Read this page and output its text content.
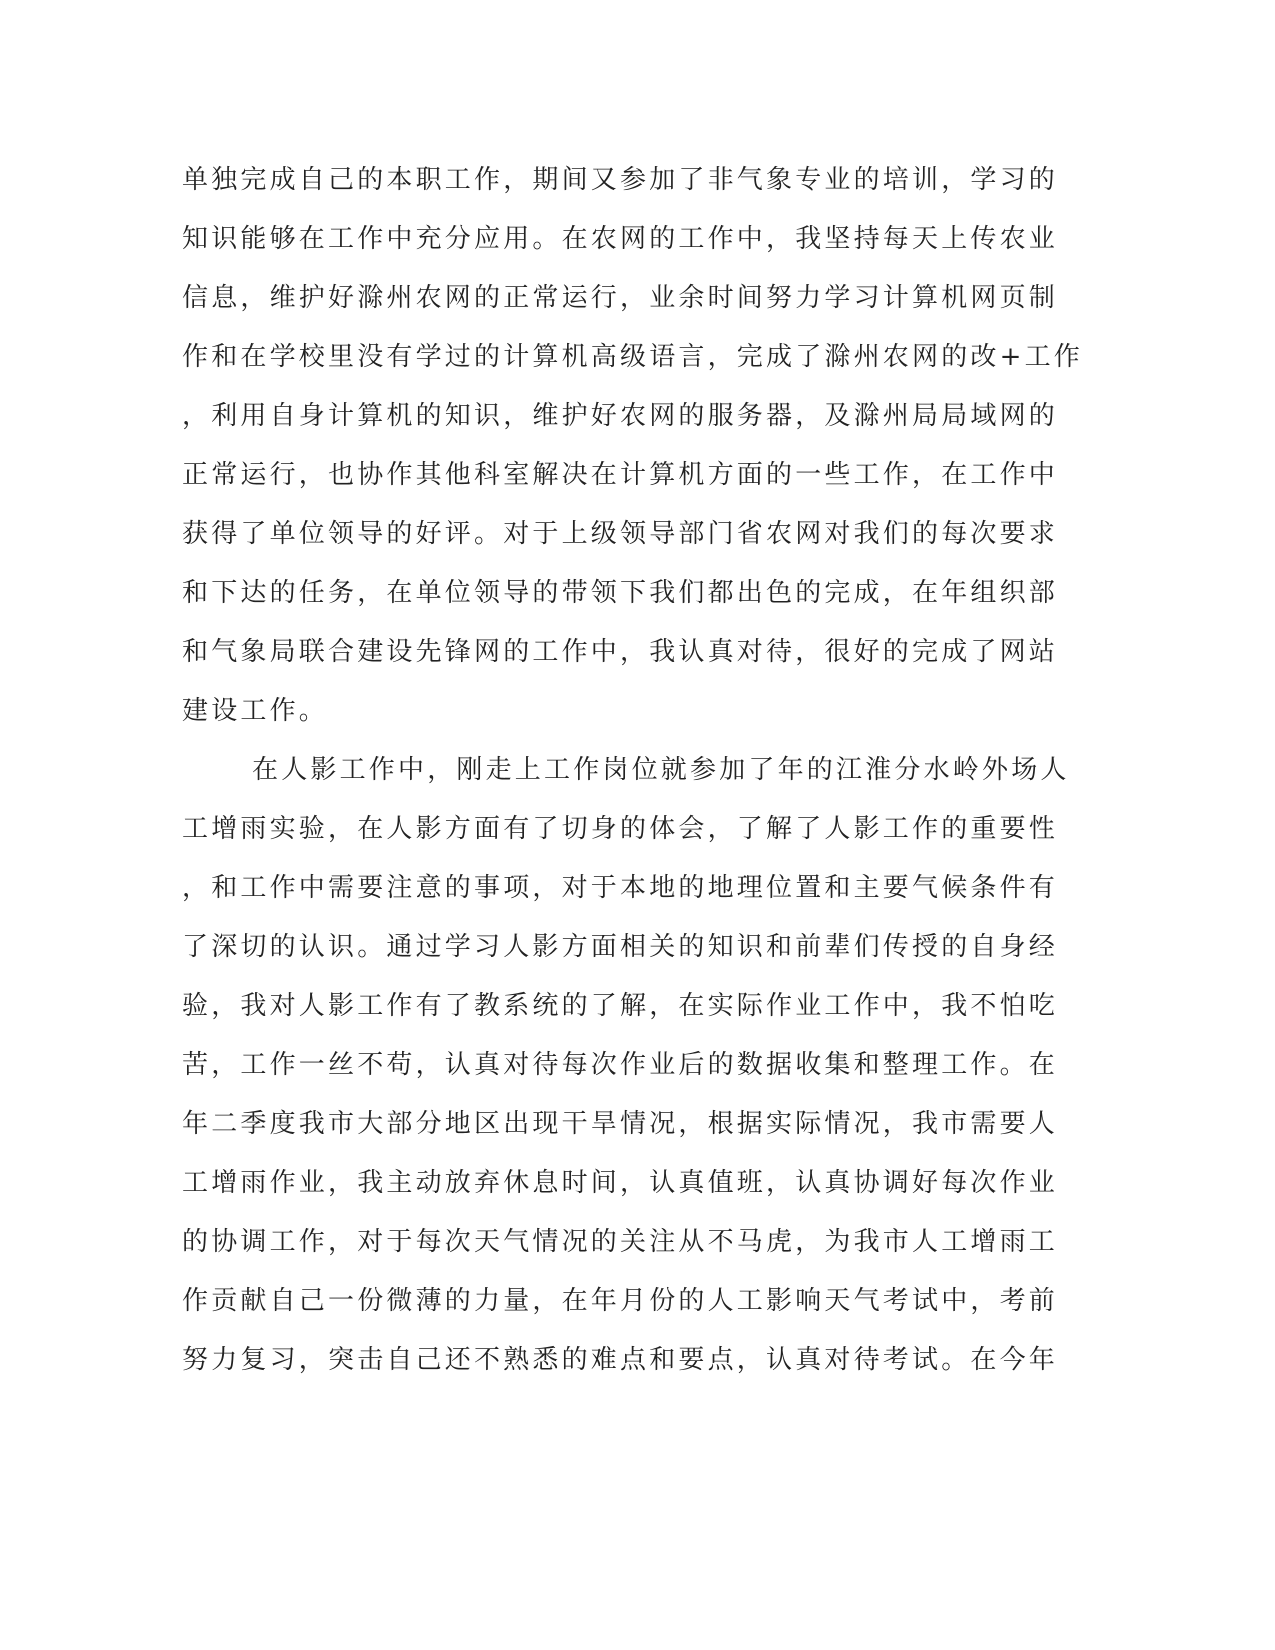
单独完成自己的本职工作，期间又参加了非气象专业的培训，学习的
知识能够在工作中充分应用。在农网的工作中，我坚持每天上传农业
信息，维护好滁州农网的正常运行，业余时间努力学习计算机网页制
作和在学校里没有学过的计算机高级语言，完成了滁州农网的改+工作
，利用自身计算机的知识，维护好农网的服务器，及滁州局局域网的
正常运行，也协作其他科室解决在计算机方面的一些工作，在工作中
获得了单位领导的好评。对于上级领导部门省农网对我们的每次要求
和下达的任务，在单位领导的带领下我们都出色的完成，在年组织部
和气象局联合建设先锋网的工作中，我认真对待，很好的完成了网站
建设工作。
在人影工作中，刚走上工作岗位就参加了年的江淮分水岭外场人
工增雨实验，在人影方面有了切身的体会，了解了人影工作的重要性
，和工作中需要注意的事项，对于本地的地理位置和主要气候条件有
了深切的认识。通过学习人影方面相关的知识和前辈们传授的自身经
验，我对人影工作有了教系统的了解，在实际作业工作中，我不怕吃
苦，工作一丝不苟，认真对待每次作业后的数据收集和整理工作。在
年二季度我市大部分地区出现干旱情况，根据实际情况，我市需要人
工增雨作业，我主动放弃休息时间，认真值班，认真协调好每次作业
的协调工作，对于每次天气情况的关注从不马虎，为我市人工增雨工
作贡献自己一份微薄的力量，在年月份的人工影响天气考试中，考前
努力复习，突击自己还不熟悉的难点和要点，认真对待考试。在今年
